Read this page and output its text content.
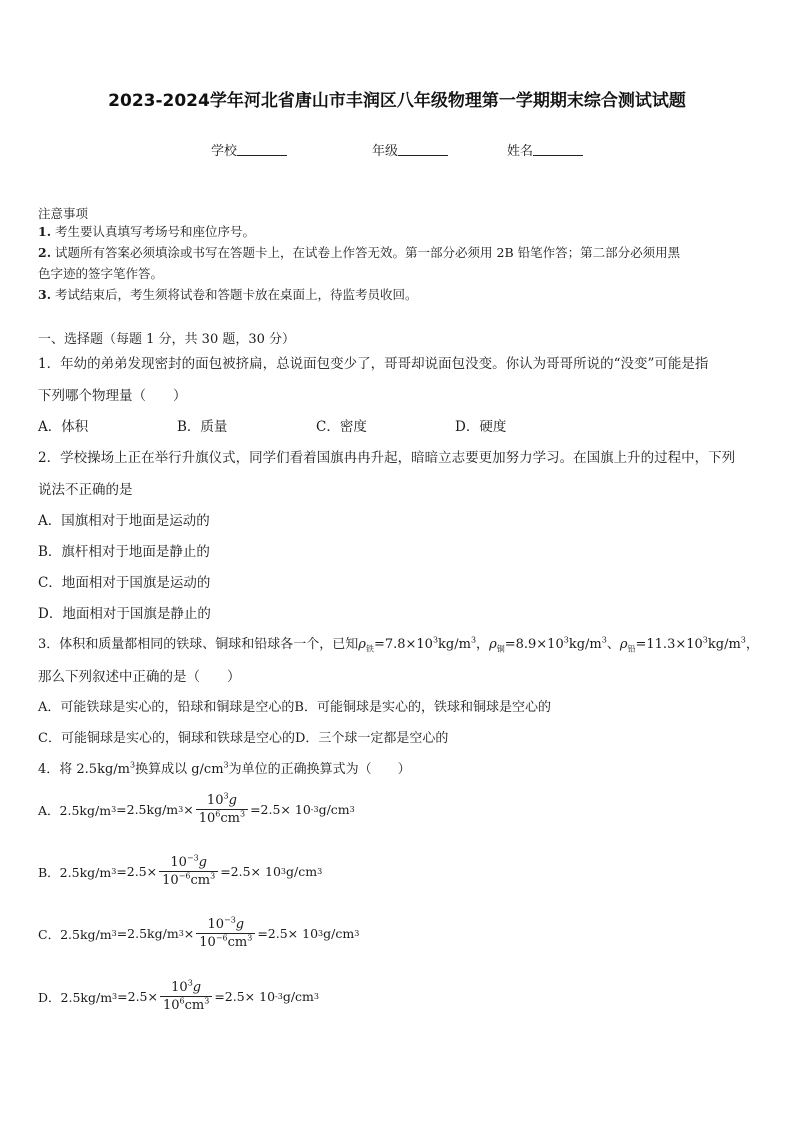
2023-2024学年河北省唐山市丰润区八年级物理第一学期期末综合测试试题
学校	年级	姓名
注意事项
1. 考生要认真填写考场号和座位序号。
2. 试题所有答案必须填涂或书写在答题卡上，在试卷上作答无效。第一部分必须用 2B 铅笔作答；第二部分必须用黑
色字迹的签字笔作答。
3. 考试结束后，考生须将试卷和答题卡放在桌面上，待监考员收回。
一、选择题（每题 1 分，共 30 题，30 分）
1．年幼的弟弟发现密封的面包被挤扁，总说面包变少了，哥哥却说面包没变。你认为哥哥所说的“没变”可能是指
下列哪个物理量（　　）
A．体积	B．质量	C．密度	D．硬度
2．学校操场上正在举行升旗仪式，同学们看着国旗冉冉升起，暗暗立志要更加努力学习。在国旗上升的过程中，下列
说法不正确的是
A．国旗相对于地面是运动的
B．旗杆相对于地面是静止的
C．地面相对于国旗是运动的
D．地面相对于国旗是静止的
3．体积和质量都相同的铁球、铜球和铅球各一个，已知$\rho_铁=7.8\times 10^3kg/m^3$，$\rho_铜=8.9\times 10^3kg/m^3$、$\rho_铅=11.3\times 10^3kg/m^3$，
那么下列叙述中正确的是（　　）
A．可能铁球是实心的，铅球和铜球是空心的B．可能铜球是实心的，铁球和铜球是空心的
C．可能铜球是实心的，铜球和铁球是空心的D．三个球一定都是空心的
4．将 $2.5kg/m^3$换算成以 $g/cm^3$为单位的正确换算式为（　　）
A．2.5kg/m 3 =2.5kg/m $3 \times \frac{10^3g}{10^6cm^3} =2.5\times 10$ -3 g/cm 3
B．2.5kg/m $3 =2.5\times \frac{10^{-3}g}{10^{-6}cm^3} =2.5\times 10$ 3 g/cm 3
C．2.5kg/m 3 =2.5kg/m $3 \times \frac{10^{-3}g}{10^{-6}cm^3} =2.5\times 10$ 3 g/cm 3
D．2.5kg/m $3 =2.5\times \frac{10^3g}{10^6cm^3} =2.5\times 10$ -3 g/cm 3
